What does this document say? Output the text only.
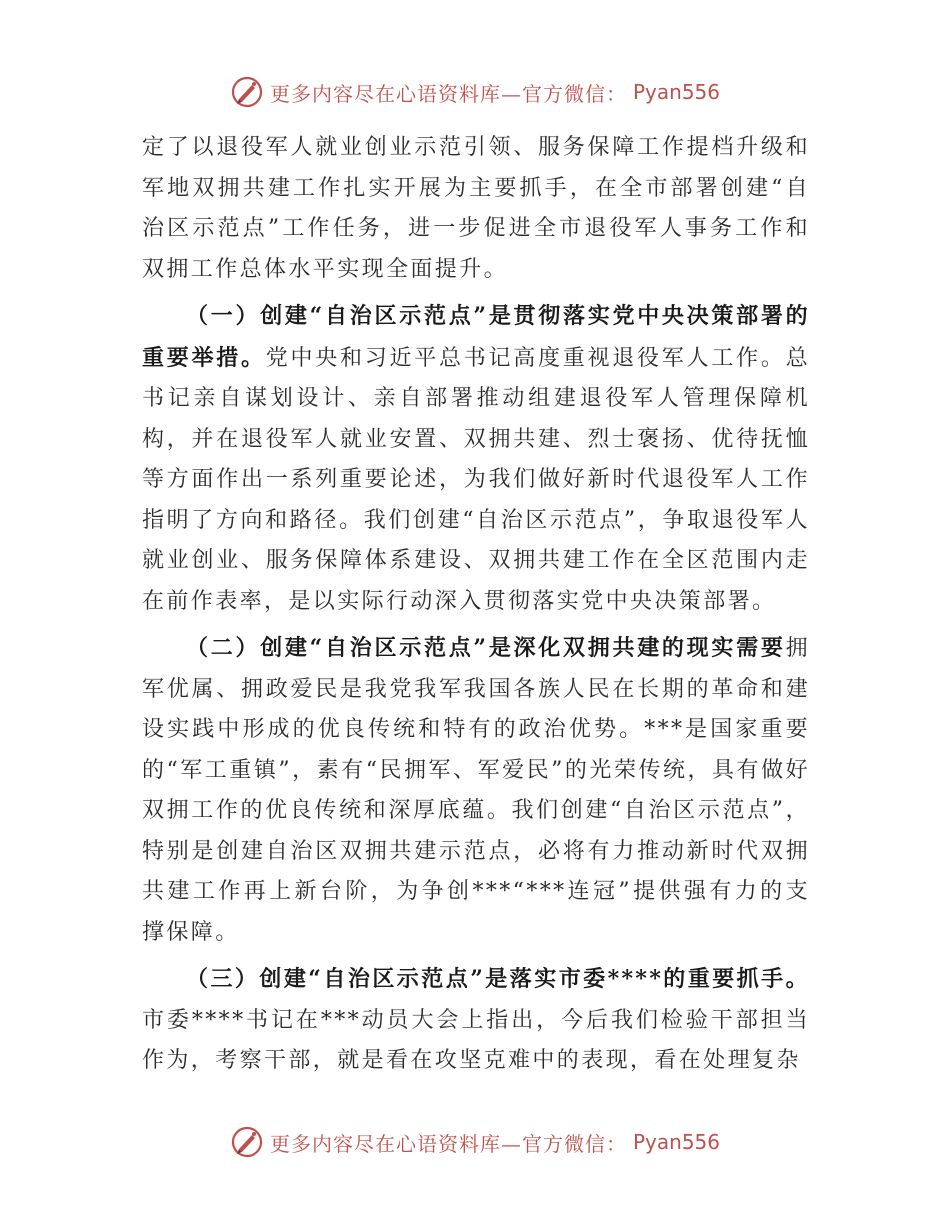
更多内容尽在心语资料库—官方微信： Pyan556

定了以退役军人就业创业示范引领、服务保障工作提档升级和军地双拥共建工作扎实开展为主要抓手，在全市部署创建“自治区示范点”工作任务，进一步促进全市退役军人事务工作和双拥工作总体水平实现全面提升。

（一）创建“自治区示范点”是贯彻落实党中央决策部署的重要举措。党中央和习近平总书记高度重视退役军人工作。总书记亲自谋划设计、亲自部署推动组建退役军人管理保障机构，并在退役军人就业安置、双拥共建、烈士褒扬、优待抚恤等方面作出一系列重要论述，为我们做好新时代退役军人工作指明了方向和路径。我们创建“自治区示范点”，争取退役军人就业创业、服务保障体系建设、双拥共建工作在全区范围内走在前作表率，是以实际行动深入贯彻落实党中央决策部署。

（二）创建“自治区示范点”是深化双拥共建的现实需要拥军优属、拥政爱民是我党我军我国各族人民在长期的革命和建设实践中形成的优良传统和特有的政治优势。***是国家重要的“军工重镇”，素有“民拥军、军爱民”的光荣传统，具有做好双拥工作的优良传统和深厚底蕴。我们创建“自治区示范点”，特别是创建自治区双拥共建示范点，必将有力推动新时代双拥共建工作再上新台阶，为争创***“***连冠”提供强有力的支撑保障。

（三）创建“自治区示范点”是落实市委****的重要抓手。市委****书记在***动员大会上指出，今后我们检验干部担当作为，考察干部，就是看在攻坚克难中的表现，看在处理复杂

更多内容尽在心语资料库—官方微信： Pyan556
